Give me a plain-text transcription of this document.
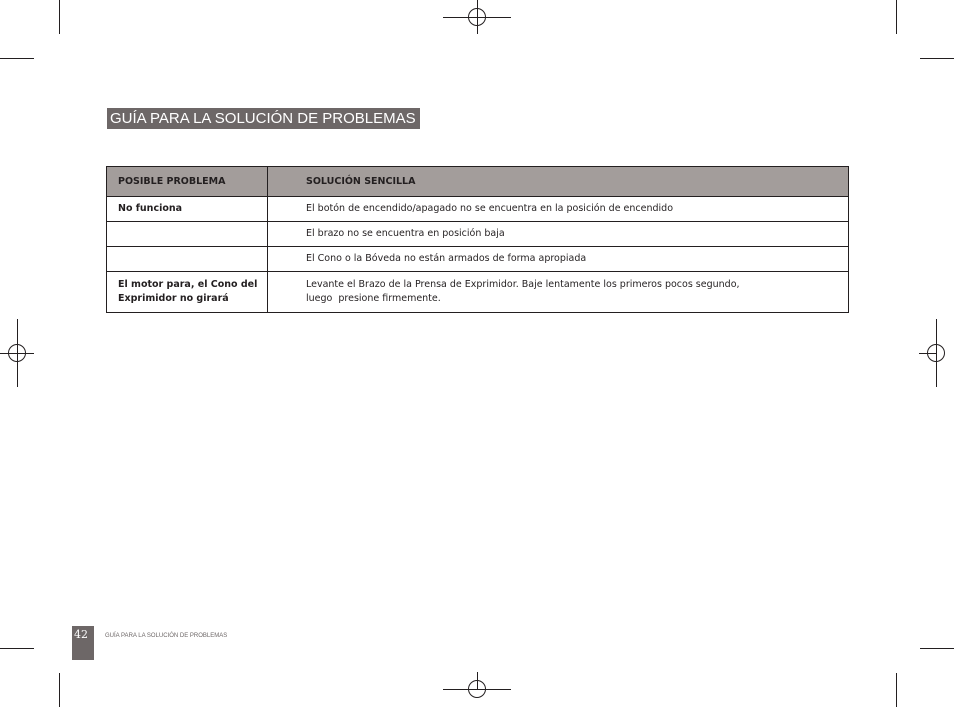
GUÍA PARA LA SOLUCIÓN DE PROBLEMAS
POSIBLE PROBLEMA	SOLUCIÓN SENCILLA
No funciona	El botón de encendido/apagado no se encuentra en la posición de encendido
	El brazo no se encuentra en posición baja
	El Cono o la Bóveda no están armados de forma apropiada

El motor para, el Cono del
Exprimidor no girará	Levante el Brazo de la Prensa de Exprimidor. Baje lentamente los primeros pocos segundo,
luego  presione firmemente.
42	GUÍA PARA LA SOLUCIÓN DE PROBLEMAS
